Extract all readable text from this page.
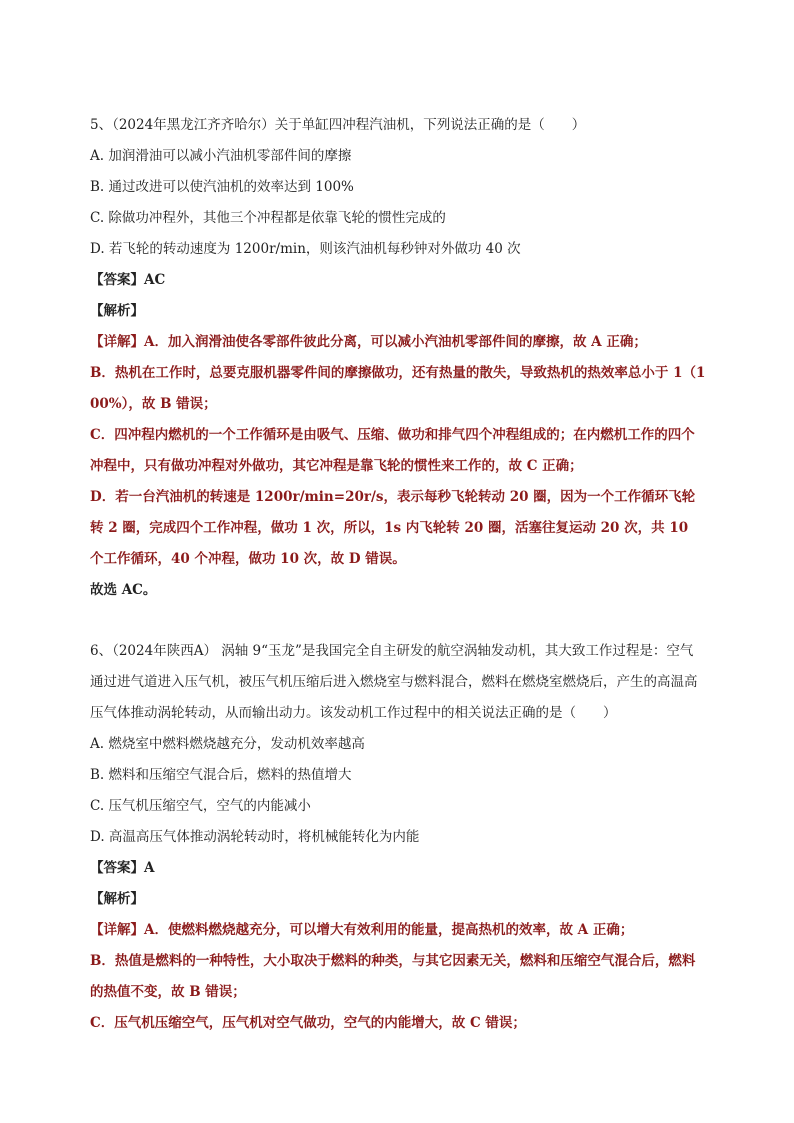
5、（2024年黑龙江齐齐哈尔）关于单缸四冲程汽油机，下列说法正确的是（　　）
A. 加润滑油可以减小汽油机零部件间的摩擦
B. 通过改进可以使汽油机的效率达到 100%
C. 除做功冲程外，其他三个冲程都是依靠飞轮的惯性完成的
D. 若飞轮的转动速度为 1200r/min，则该汽油机每秒钟对外做功 40 次
【答案】AC
【解析】
【详解】A．加入润滑油使各零部件彼此分离，可以减小汽油机零部件间的摩擦，故 A 正确；
B．热机在工作时，总要克服机器零件间的摩擦做功，还有热量的散失，导致热机的热效率总小于 1（100%），故 B 错误；
C．四冲程内燃机的一个工作循环是由吸气、压缩、做功和排气四个冲程组成的；在内燃机工作的四个冲程中，只有做功冲程对外做功，其它冲程是靠飞轮的惯性来工作的，故 C 正确；
D．若一台汽油机的转速是 1200r/min=20r/s，表示每秒飞轮转动 20 圈，因为一个工作循环飞轮转 2 圈，完成四个工作冲程，做功 1 次，所以，1s 内飞轮转 20 圈，活塞往复运动 20 次，共 10 个工作循环，40 个冲程，做功 10 次，故 D 错误。
故选 AC。
6、（2024年陕西A） 涡轴 9“玉龙”是我国完全自主研发的航空涡轴发动机，其大致工作过程是：空气通过进气道进入压气机，被压气机压缩后进入燃烧室与燃料混合，燃料在燃烧室燃烧后，产生的高温高压气体推动涡轮转动，从而输出动力。该发动机工作过程中的相关说法正确的是（　　）
A. 燃烧室中燃料燃烧越充分，发动机效率越高
B. 燃料和压缩空气混合后，燃料的热值增大
C. 压气机压缩空气，空气的内能减小
D. 高温高压气体推动涡轮转动时，将机械能转化为内能
【答案】A
【解析】
【详解】A．使燃料燃烧越充分，可以增大有效利用的能量，提高热机的效率，故 A 正确；
B．热值是燃料的一种特性，大小取决于燃料的种类，与其它因素无关，燃料和压缩空气混合后，燃料的热值不变，故 B 错误；
C．压气机压缩空气，压气机对空气做功，空气的内能增大，故 C 错误；
